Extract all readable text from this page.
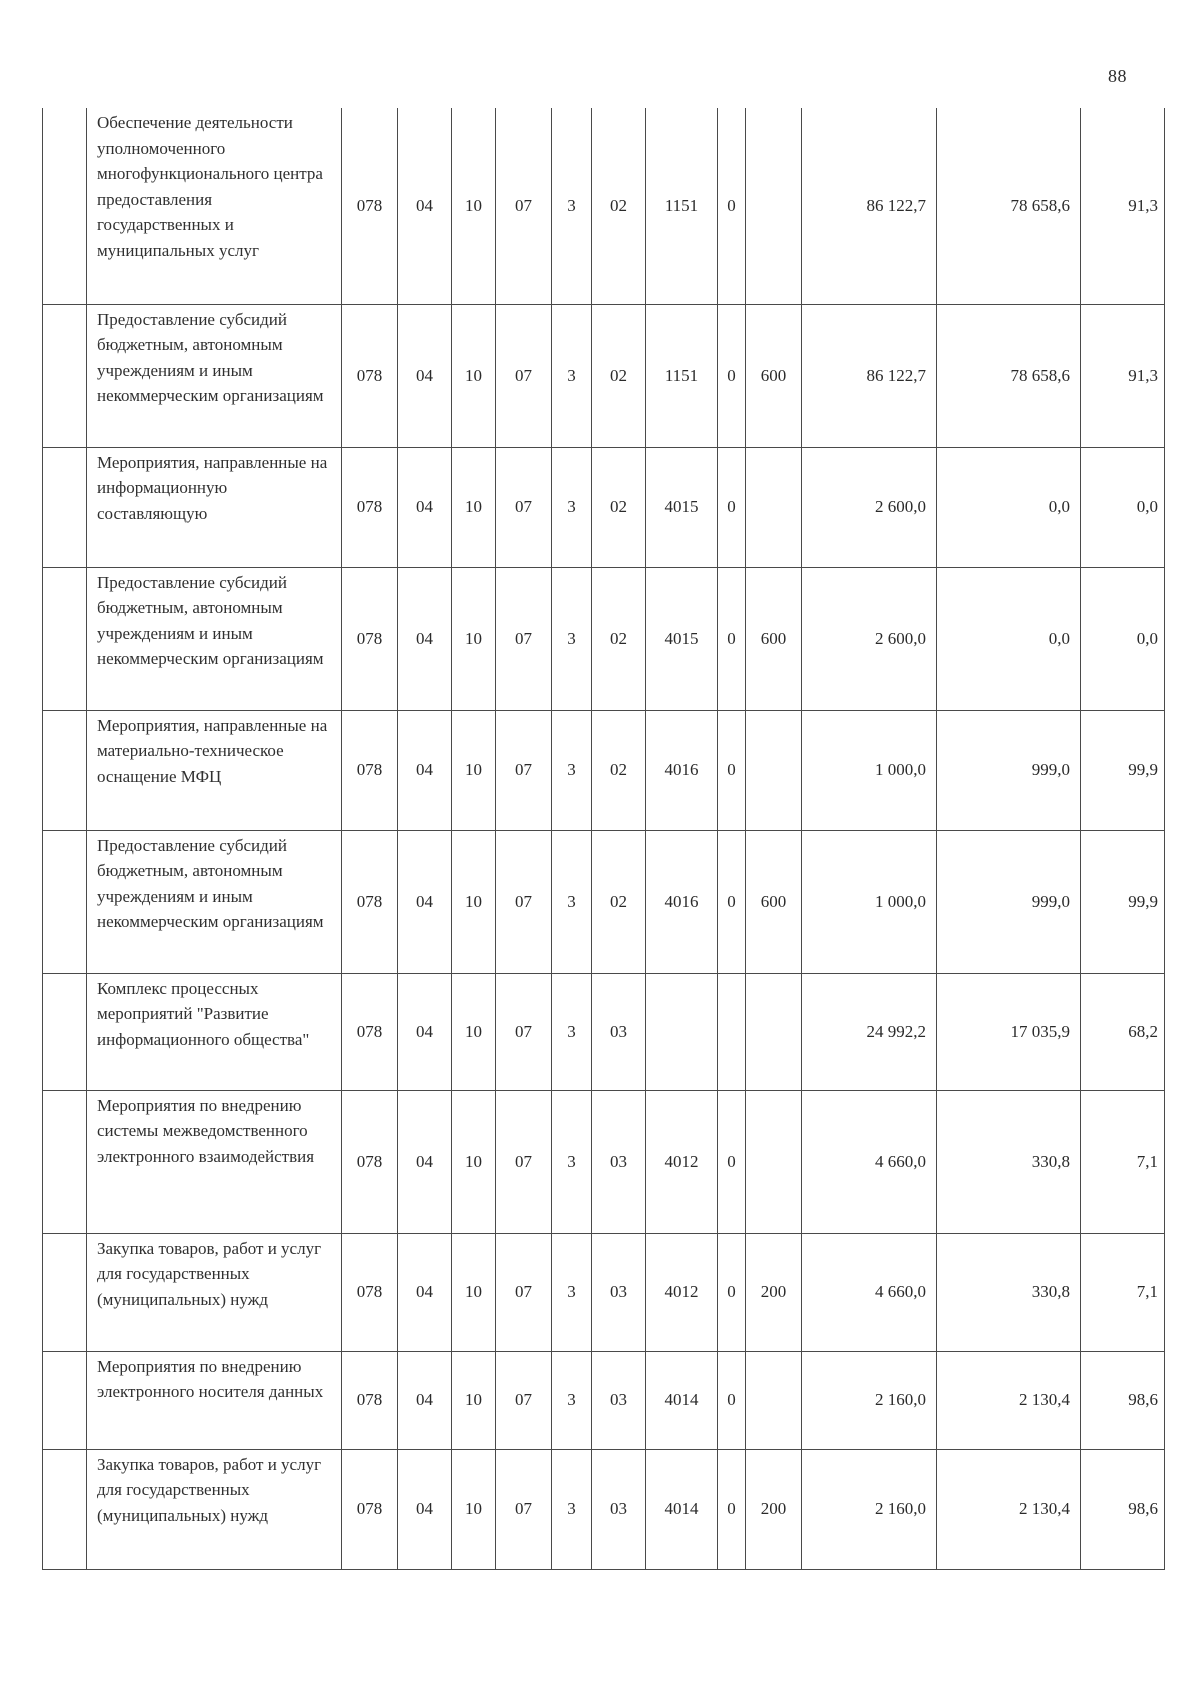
88
	Обеспечение деятельности уполномоченного многофункционального центра предоставления государственных и муниципальных услуг	078	04	10	07	3	02	1151	0		86 122,7	78 658,6	91,3
	Предоставление субсидий бюджетным, автономным учреждениям и иным некоммерческим организациям	078	04	10	07	3	02	1151	0	600	86 122,7	78 658,6	91,3
	Мероприятия, направленные на информационную составляющую	078	04	10	07	3	02	4015	0		2 600,0	0,0	0,0
	Предоставление субсидий бюджетным, автономным учреждениям и иным некоммерческим организациям	078	04	10	07	3	02	4015	0	600	2 600,0	0,0	0,0
	Мероприятия, направленные на материально-техническое оснащение МФЦ	078	04	10	07	3	02	4016	0		1 000,0	999,0	99,9
	Предоставление субсидий бюджетным, автономным учреждениям и иным некоммерческим организациям	078	04	10	07	3	02	4016	0	600	1 000,0	999,0	99,9
	Комплекс процессных мероприятий "Развитие информационного общества"	078	04	10	07	3	03				24 992,2	17 035,9	68,2
	Мероприятия по внедрению системы межведомственного электронного взаимодействия	078	04	10	07	3	03	4012	0		4 660,0	330,8	7,1
	Закупка товаров, работ и услуг для государственных (муниципальных) нужд	078	04	10	07	3	03	4012	0	200	4 660,0	330,8	7,1
	Мероприятия по внедрению электронного носителя данных	078	04	10	07	3	03	4014	0		2 160,0	2 130,4	98,6
	Закупка товаров, работ и услуг для государственных (муниципальных) нужд	078	04	10	07	3	03	4014	0	200	2 160,0	2 130,4	98,6
